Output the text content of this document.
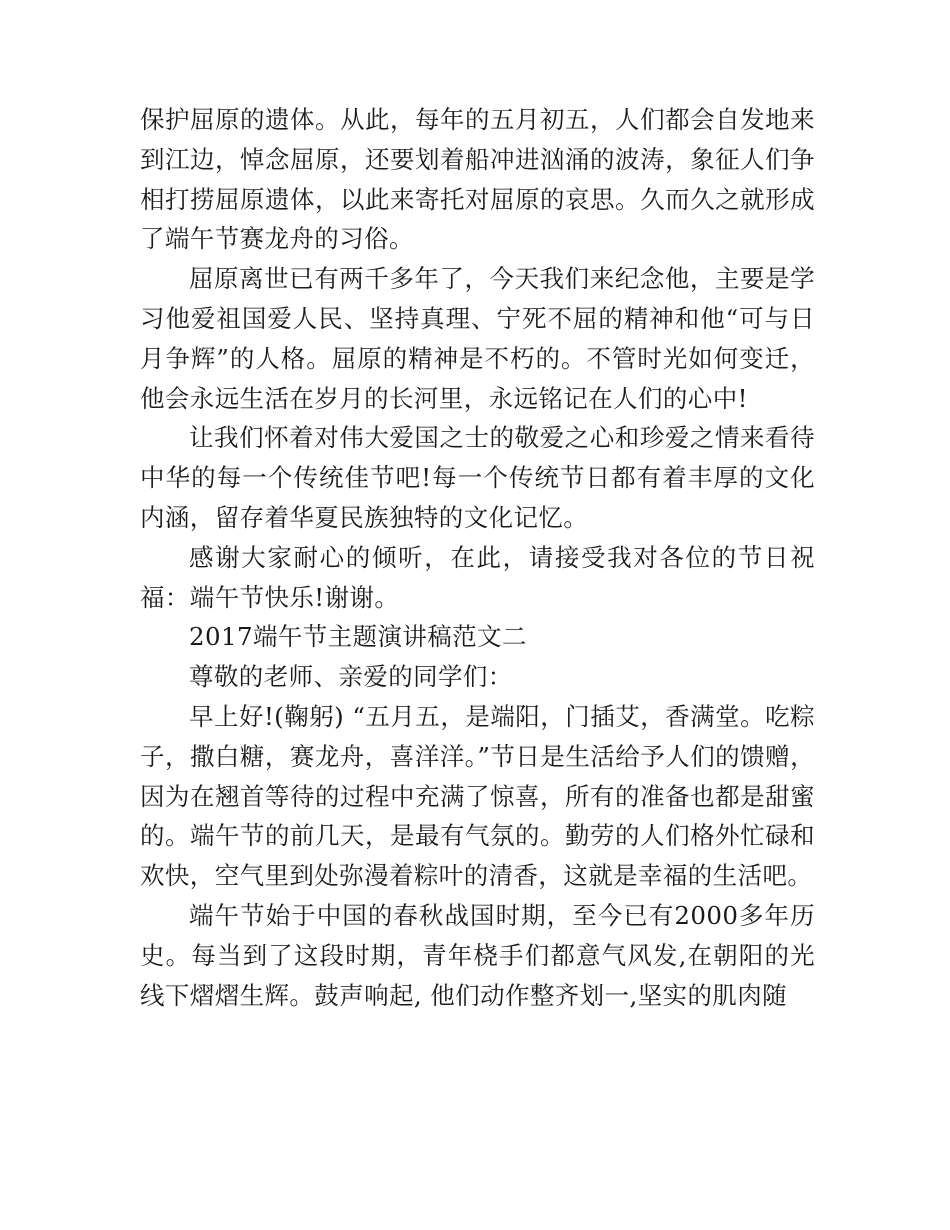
保护屈原的遗体。从此，每年的五月初五，人们都会自发地来到江边，悼念屈原，还要划着船冲进汹涌的波涛，象征人们争相打捞屈原遗体，以此来寄托对屈原的哀思。久而久之就形成了端午节赛龙舟的习俗。

屈原离世已有两千多年了，今天我们来纪念他，主要是学习他爱祖国爱人民、坚持真理、宁死不屈的精神和他“可与日月争辉”的人格。屈原的精神是不朽的。不管时光如何变迁，他会永远生活在岁月的长河里，永远铭记在人们的心中!

让我们怀着对伟大爱国之士的敬爱之心和珍爱之情来看待中华的每一个传统佳节吧!每一个传统节日都有着丰厚的文化内涵，留存着华夏民族独特的文化记忆。

感谢大家耐心的倾听，在此，请接受我对各位的节日祝福：端午节快乐!谢谢。

2017端午节主题演讲稿范文二

尊敬的老师、亲爱的同学们：

早上好!(鞠躬) “五月五，是端阳，门插艾，香满堂。吃粽子，撒白糖，赛龙舟，喜洋洋。”节日是生活给予人们的馈赠，因为在翘首等待的过程中充满了惊喜，所有的准备也都是甜蜜的。端午节的前几天，是最有气氛的。勤劳的人们格外忙碌和欢快，空气里到处弥漫着粽叶的清香，这就是幸福的生活吧。

端午节始于中国的春秋战国时期，至今已有2000多年历史。每当到了这段时期，青年桡手们都意气风发,在朝阳的光线下熠熠生辉。鼓声响起, 他们动作整齐划一,坚实的肌肉随
